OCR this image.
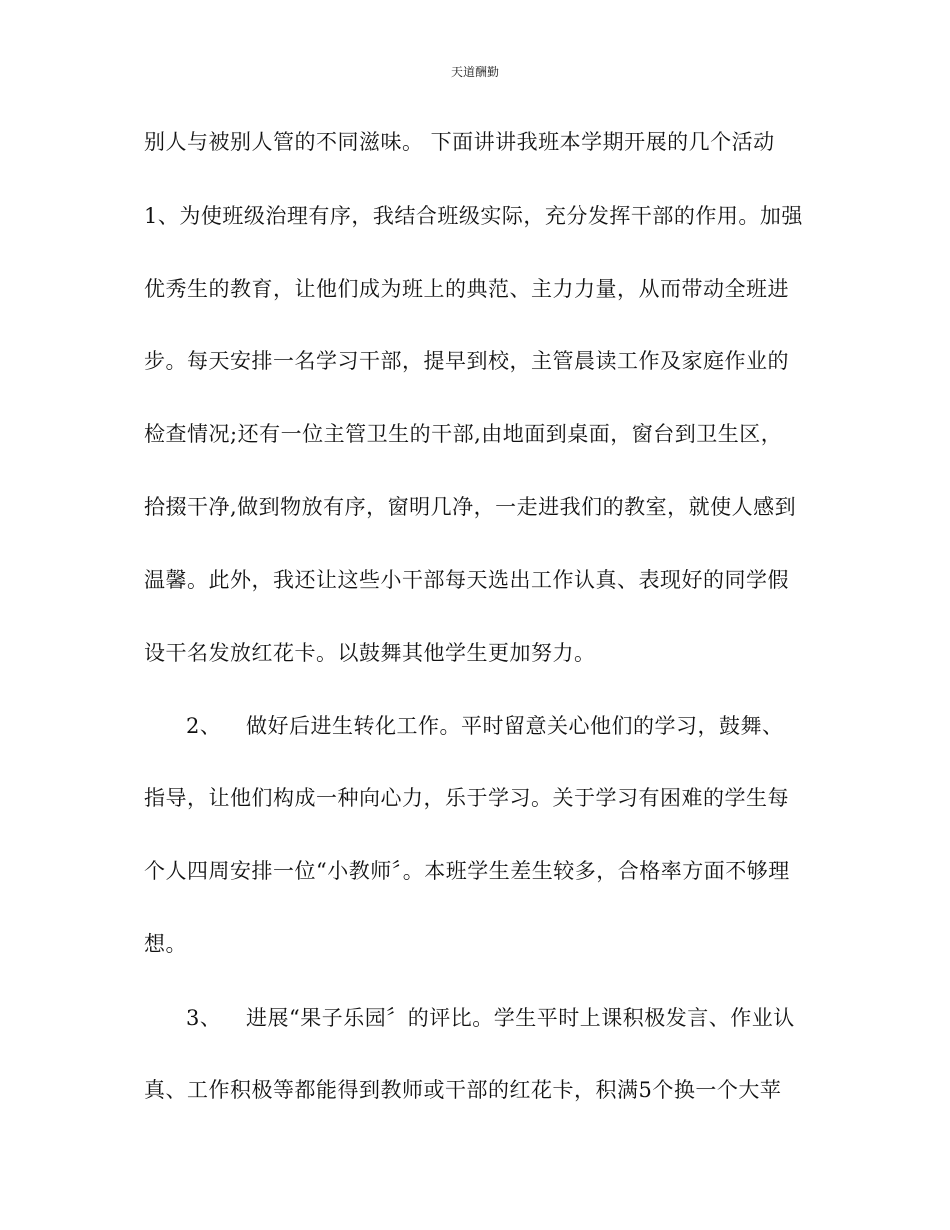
天道酬勤
别人与被别人管的不同滋味。 下面讲讲我班本学期开展的几个活动
1、为使班级治理有序，我结合班级实际，充分发挥干部的作用。加强
优秀生的教育，让他们成为班上的典范、主力力量，从而带动全班进
步。每天安排一名学习干部，提早到校，主管晨读工作及家庭作业的
检查情况;还有一位主管卫生的干部,由地面到桌面，窗台到卫生区，
拾掇干净,做到物放有序，窗明几净，一走进我们的教室，就使人感到
温馨。此外，我还让这些小干部每天选出工作认真、表现好的同学假
设干名发放红花卡。以鼓舞其他学生更加努力。
2、 做好后进生转化工作。平时留意关心他们的学习，鼓舞、
指导，让他们构成一种向心力，乐于学习。关于学习有困难的学生每
个人四周安排一位“小教师〞。本班学生差生较多，合格率方面不够理
想。
3、 进展“果子乐园〞的评比。学生平时上课积极发言、作业认
真、工作积极等都能得到教师或干部的红花卡，积满5个换一个大苹
